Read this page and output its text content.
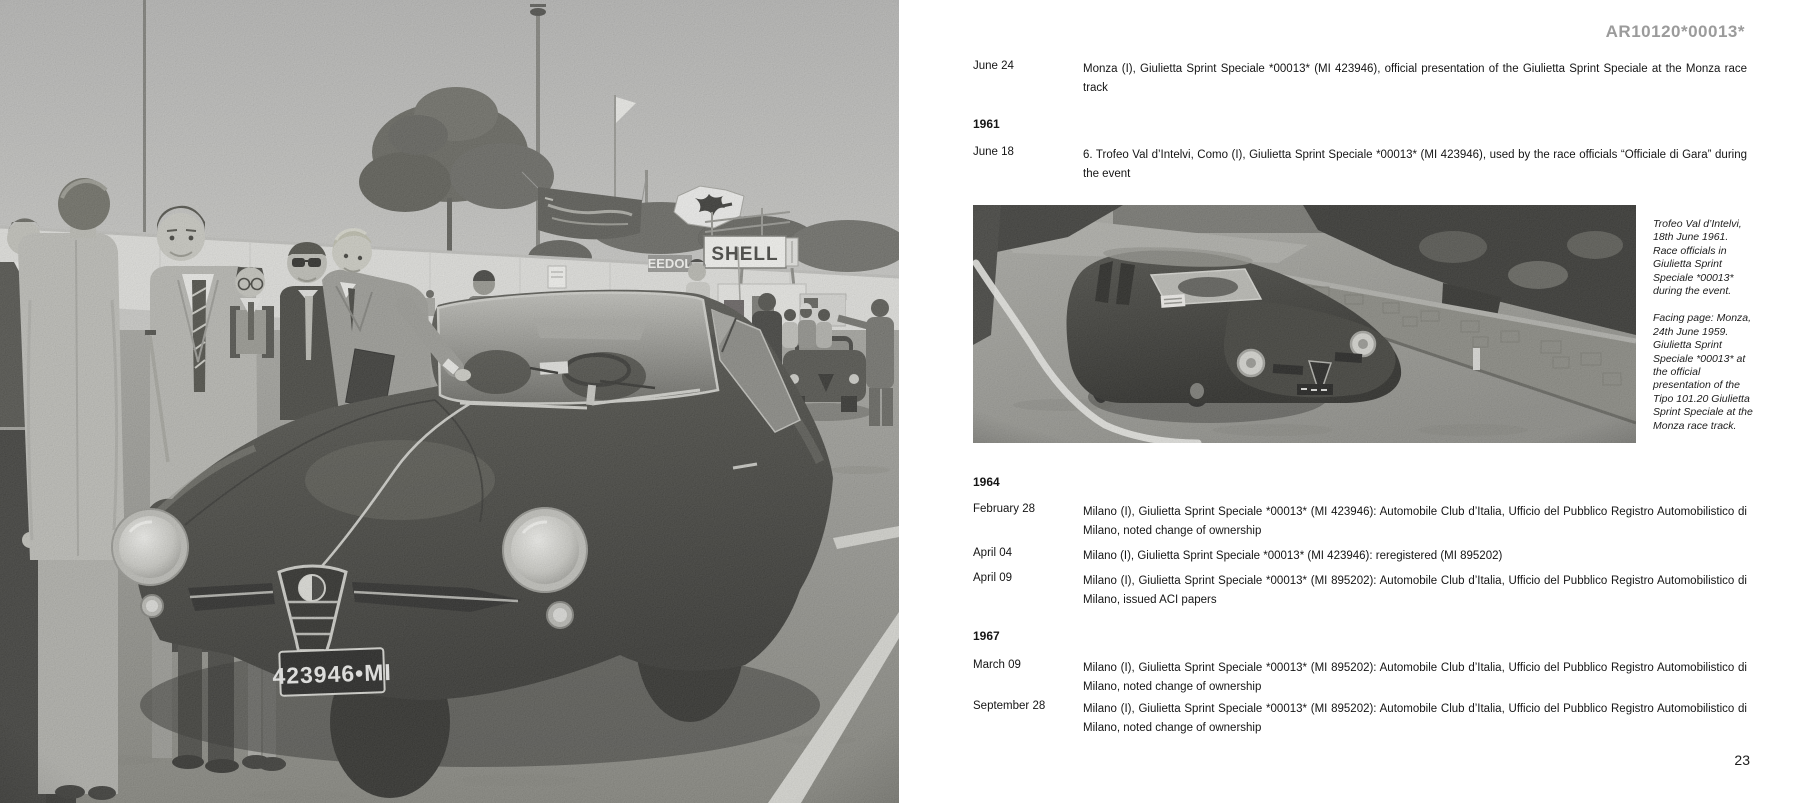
AR10120*00013*
June 24	Monza (I), Giulietta Sprint Speciale *00013* (MI 423946), official presentation of the Giulietta Sprint Speciale at the Monza race track
1961
June 18	6. Trofeo Val d’Intelvi, Como (I), Giulietta Sprint Speciale *00013* (MI 423946), used by the race officials “Officiale di Gara” during the event
Trofeo Val d’Intelvi, 18th June 1961. Race officials in Giulietta Sprint Speciale *00013* during the event.
Facing page: Monza, 24th June 1959. Giulietta Sprint Speciale *00013* at the official presentation of the Tipo 101.20 Giulietta Sprint Speciale at the Monza race track.
1964
February 28	Milano (I), Giulietta Sprint Speciale *00013* (MI 423946): Automobile Club d’Italia, Ufficio del Pubblico Registro Automobilistico di Milano, noted change of ownership
April 04	Milano (I), Giulietta Sprint Speciale *00013* (MI 423946): reregistered (MI 895202)
April 09	Milano (I), Giulietta Sprint Speciale *00013* (MI 895202): Automobile Club d’Italia, Ufficio del Pubblico Registro Automobilistico di Milano, issued ACI papers
1967
March 09	Milano (I), Giulietta Sprint Speciale *00013* (MI 895202): Automobile Club d’Italia, Ufficio del Pubblico Registro Automobilistico di Milano, noted change of ownership
September 28	Milano (I), Giulietta Sprint Speciale *00013* (MI 895202): Automobile Club d’Italia, Ufficio del Pubblico Registro Automobilistico di Milano, noted change of ownership
23
